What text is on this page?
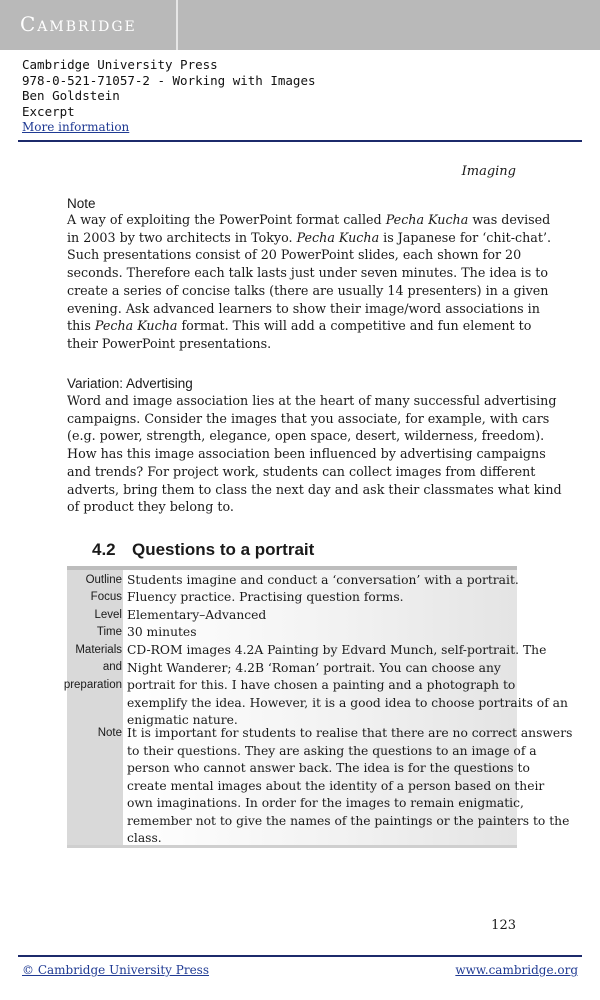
Cambridge
Cambridge University Press
978-0-521-71057-2 - Working with Images
Ben Goldstein
Excerpt
More information
Imaging
Note
A way of exploiting the PowerPoint format called Pecha Kucha was devised
in 2003 by two architects in Tokyo. Pecha Kucha is Japanese for ‘chit-chat’.
Such presentations consist of 20 PowerPoint slides, each shown for 20
seconds. Therefore each talk lasts just under seven minutes. The idea is to
create a series of concise talks (there are usually 14 presenters) in a given
evening. Ask advanced learners to show their image/word associations in
this Pecha Kucha format. This will add a competitive and fun element to
their PowerPoint presentations.
Variation: Advertising
Word and image association lies at the heart of many successful advertising
campaigns. Consider the images that you associate, for example, with cars
(e.g. power, strength, elegance, open space, desert, wilderness, freedom).
How has this image association been influenced by advertising campaigns
and trends? For project work, students can collect images from different
adverts, bring them to class the next day and ask their classmates what kind
of product they belong to.
4.2 Questions to a portrait
Outline Students imagine and conduct a ‘conversation’ with a portrait.
Focus Fluency practice. Practising question forms.
Level Elementary–Advanced
Time 30 minutes
Materials
and
preparation
CD-ROM images 4.2A Painting by Edvard Munch, self-portrait. The
Night Wanderer; 4.2B ‘Roman’ portrait. You can choose any
portrait for this. I have chosen a painting and a photograph to
exemplify the idea. However, it is a good idea to choose portraits of an
enigmatic nature.
Note It is important for students to realise that there are no correct answers
to their questions. They are asking the questions to an image of a
person who cannot answer back. The idea is for the questions to
create mental images about the identity of a person based on their
own imaginations. In order for the images to remain enigmatic,
remember not to give the names of the paintings or the painters to the
class.
123
© Cambridge University Press	www.cambridge.org
